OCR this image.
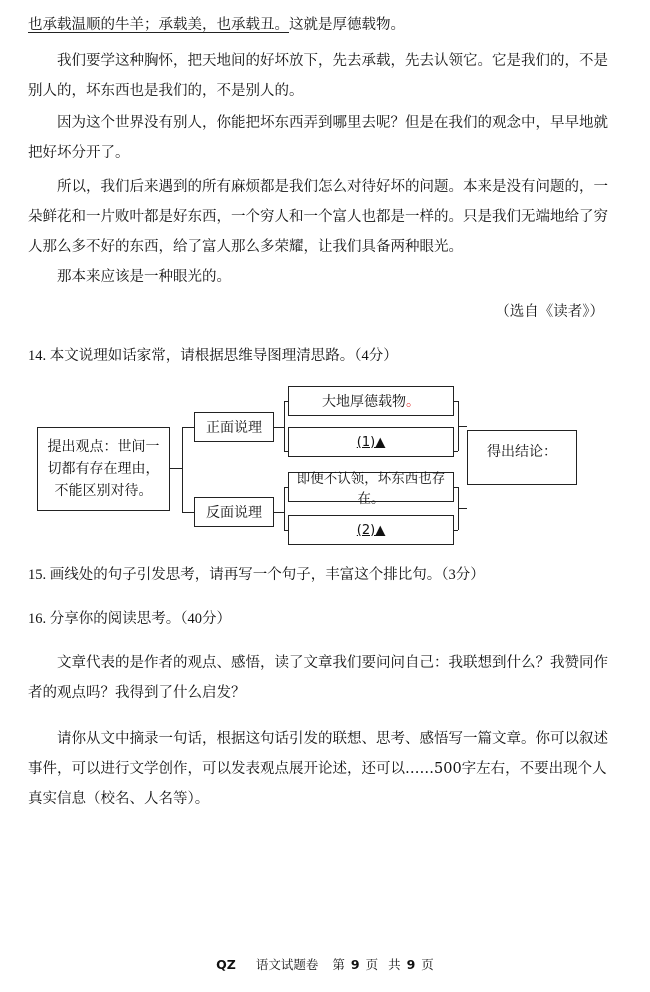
也承载温顺的牛羊；承载美，也承载丑。这就是厚德载物。

我们要学这种胸怀，把天地间的好坏放下，先去承载，先去认领它。它是我们的，不是别人的，坏东西也是我们的，不是别人的。

因为这个世界没有别人，你能把坏东西弄到哪里去呢？但是在我们的观念中，早早地就把好坏分开了。

所以，我们后来遇到的所有麻烦都是我们怎么对待好坏的问题。本来是没有问题的，一朵鲜花和一片败叶都是好东西，一个穷人和一个富人也都是一样的。只是我们无端地给了穷人那么多不好的东西，给了富人那么多荣耀，让我们具备两种眼光。

那本来应该是一种眼光的。

（选自《读者》）
14. 本文说理如话家常，请根据思维导图理清思路。（4分）
提出观点：世间一切都有存在理由，不能区别对待。
正面说理
反面说理
大地厚德载物 。
(1)▲
即便不认领，坏东西也存在。
(2)▲
得出结论：
15. 画线处的句子引发思考，请再写一个句子，丰富这个排比句。（3分）
16. 分享你的阅读思考。（40分）

文章代表的是作者的观点、感悟，读了文章我们要问问自己：我联想到什么？我赞同作者的观点吗？我得到了什么启发？

请你从文中摘录一句话，根据这句话引发的联想、思考、感悟写一篇文章。你可以叙述事件，可以进行文学创作，可以发表观点展开论述，还可以……500字左右，不要出现个人真实信息（校名、人名等）。

QZ 语文试题卷 第 9 页 共 9 页
